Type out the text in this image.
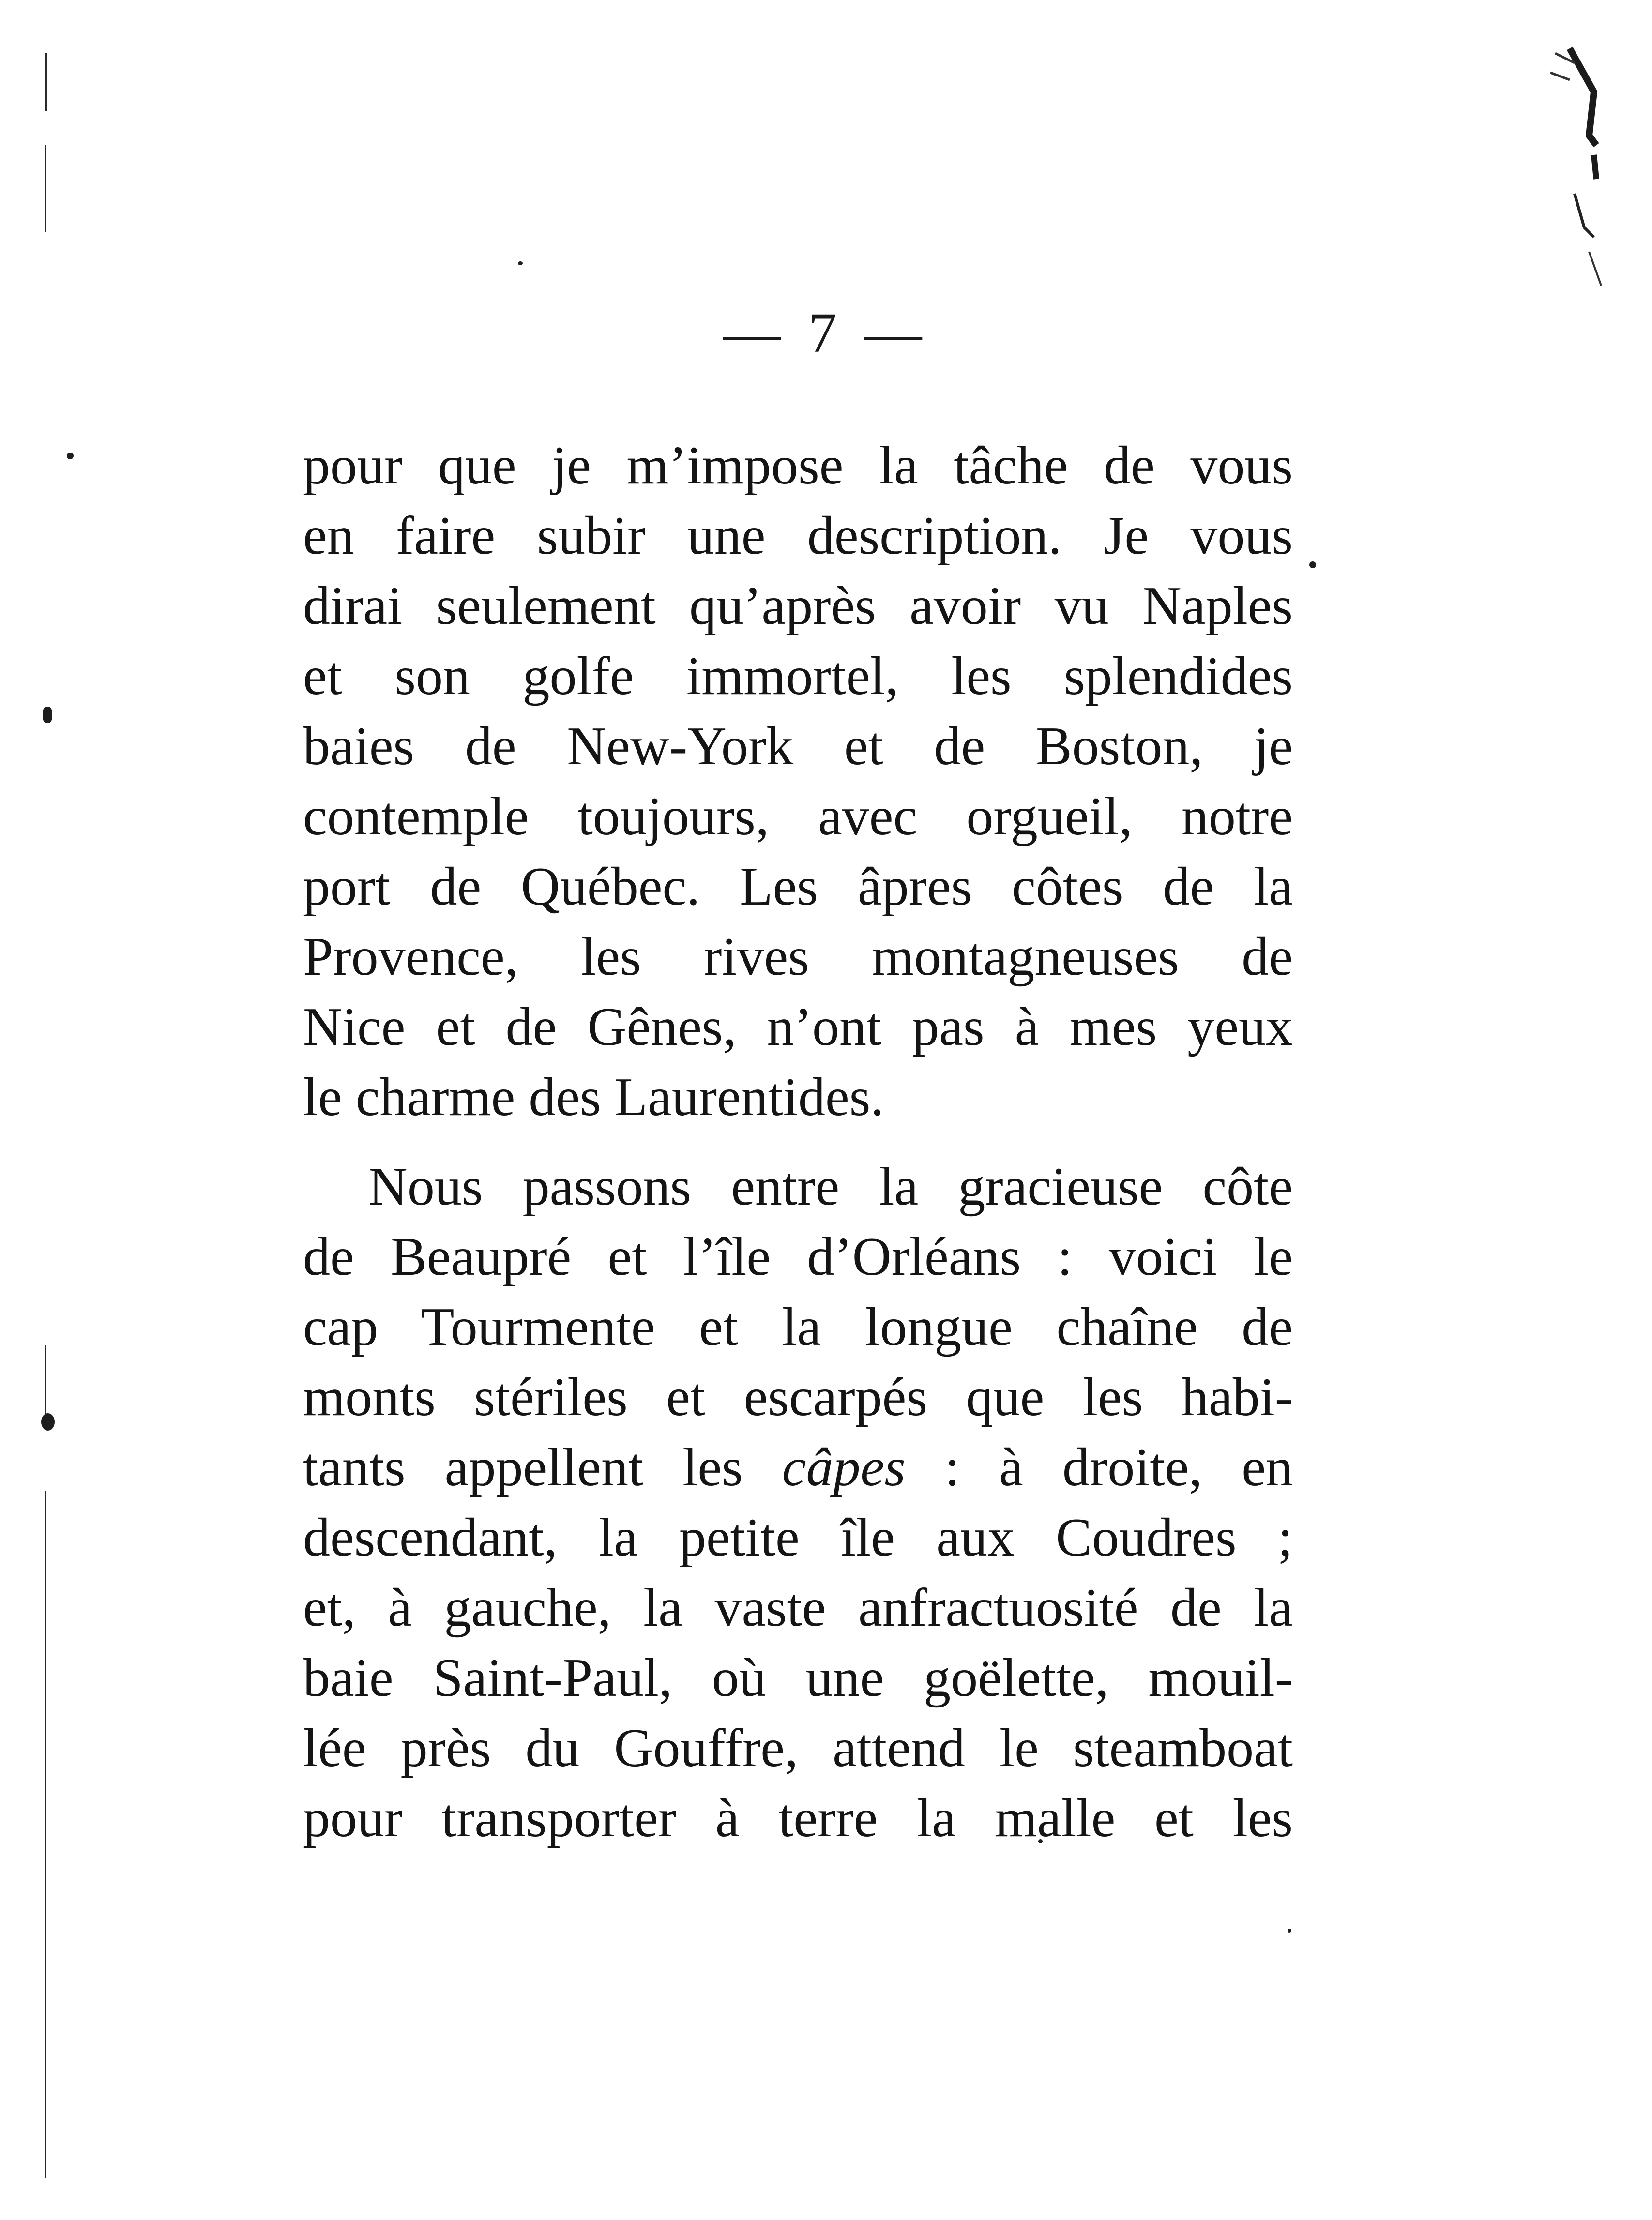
— 7 —
pour que je m’impose la tâche de vous
en faire subir une description. Je vous
dirai seulement qu’après avoir vu Naples
et son golfe immortel, les splendides
baies de New-York et de Boston, je
contemple toujours, avec orgueil, notre
port de Québec. Les âpres côtes de la
Provence, les rives montagneuses de
Nice et de Gênes, n’ont pas à mes yeux
le charme des Laurentides.
Nous passons entre la gracieuse côte
de Beaupré et l’île d’Orléans : voici le
cap Tourmente et la longue chaîne de
monts stériles et escarpés que les habi-
tants appellent les câpes : à droite, en
descendant, la petite île aux Coudres ;
et, à gauche, la vaste anfractuosité de la
baie Saint-Paul, où une goëlette, mouil-
lée près du Gouffre, attend le steamboat
pour transporter à terre la malle et les
